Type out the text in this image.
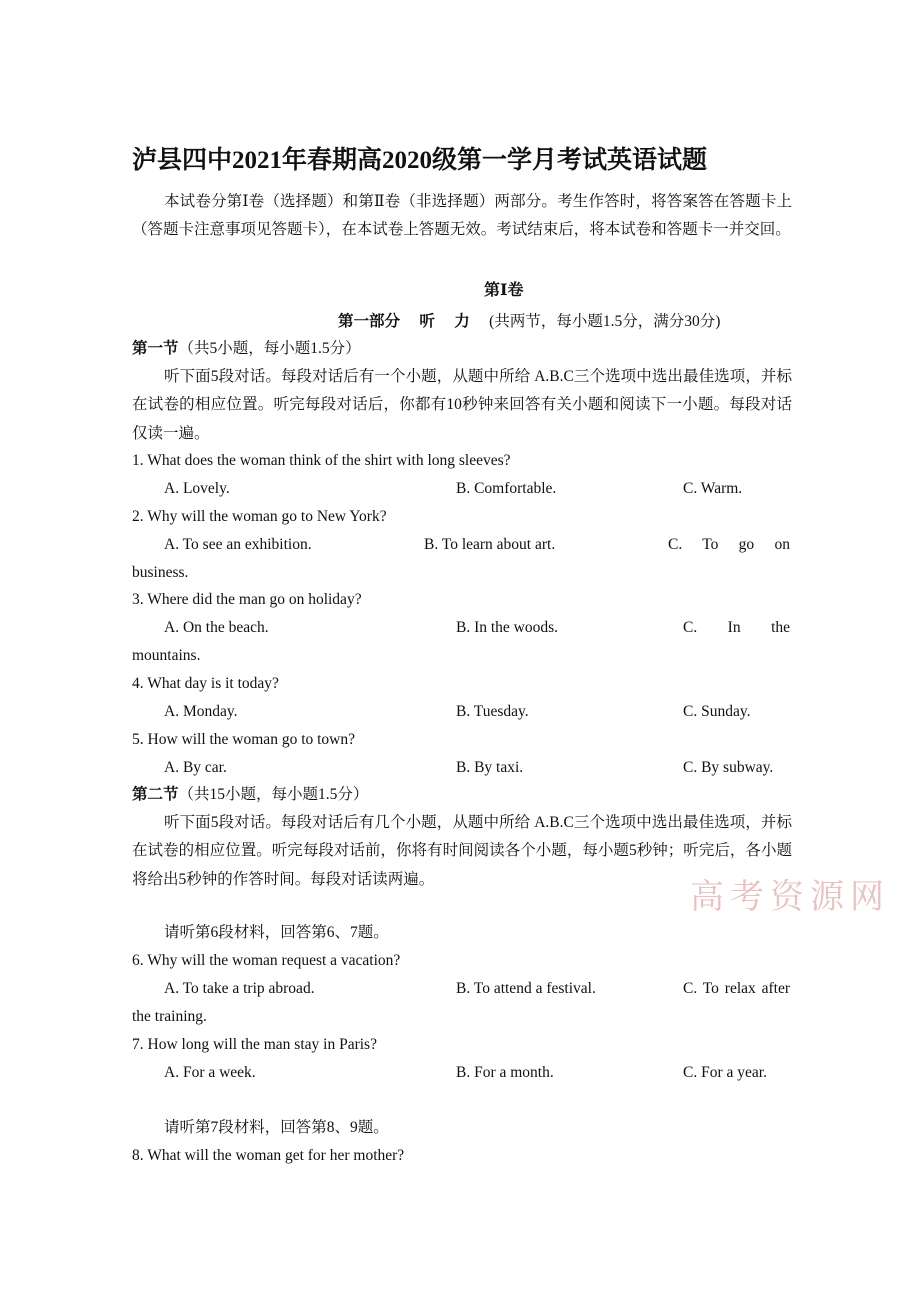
泸县四中2021年春期高2020级第一学月考试英语试题
本试卷分第Ⅰ卷（选择题）和第Ⅱ卷（非选择题）两部分。考生作答时，将答案答在答题卡上（答题卡注意事项见答题卡），在本试卷上答题无效。考试结束后，将本试卷和答题卡一并交回。
第Ⅰ卷
第一部分　 听　 力　 (共两节，每小题1.5分，满分30分)
第一节（共5小题，每小题1.5分）
听下面5段对话。每段对话后有一个小题，从题中所给 A.B.C三个选项中选出最佳选项，并标在试卷的相应位置。听完每段对话后，你都有10秒钟来回答有关小题和阅读下一小题。每段对话仅读一遍。
1. What does the woman think of the shirt with long sleeves?
A. Lovely.	B. Comfortable.	C. Warm.
2. Why will the woman go to New York?
A. To see an exhibition.	B. To learn about art.	C. To go on business.
3. Where did the man go on holiday?
A. On the beach.	B. In the woods.	C. In the mountains.
4. What day is it today?
A. Monday.	B. Tuesday.	C. Sunday.
5. How will the woman go to town?
A. By car.	B. By taxi.	C. By subway.
第二节（共15小题，每小题1.5分）
听下面5段对话。每段对话后有几个小题，从题中所给 A.B.C三个选项中选出最佳选项，并标在试卷的相应位置。听完每段对话前，你将有时间阅读各个小题，每小题5秒钟；听完后，各小题将给出5秒钟的作答时间。每段对话读两遍。	高考资源网
请听第6段材料，回答第6、7题。
6. Why will the woman request a vacation?
A. To take a trip abroad.	B. To attend a festival.	C. To relax after the training.
7. How long will the man stay in Paris?
A. For a week.	B. For a month.	C. For a year.
请听第7段材料，回答第8、9题。
8. What will the woman get for her mother?
